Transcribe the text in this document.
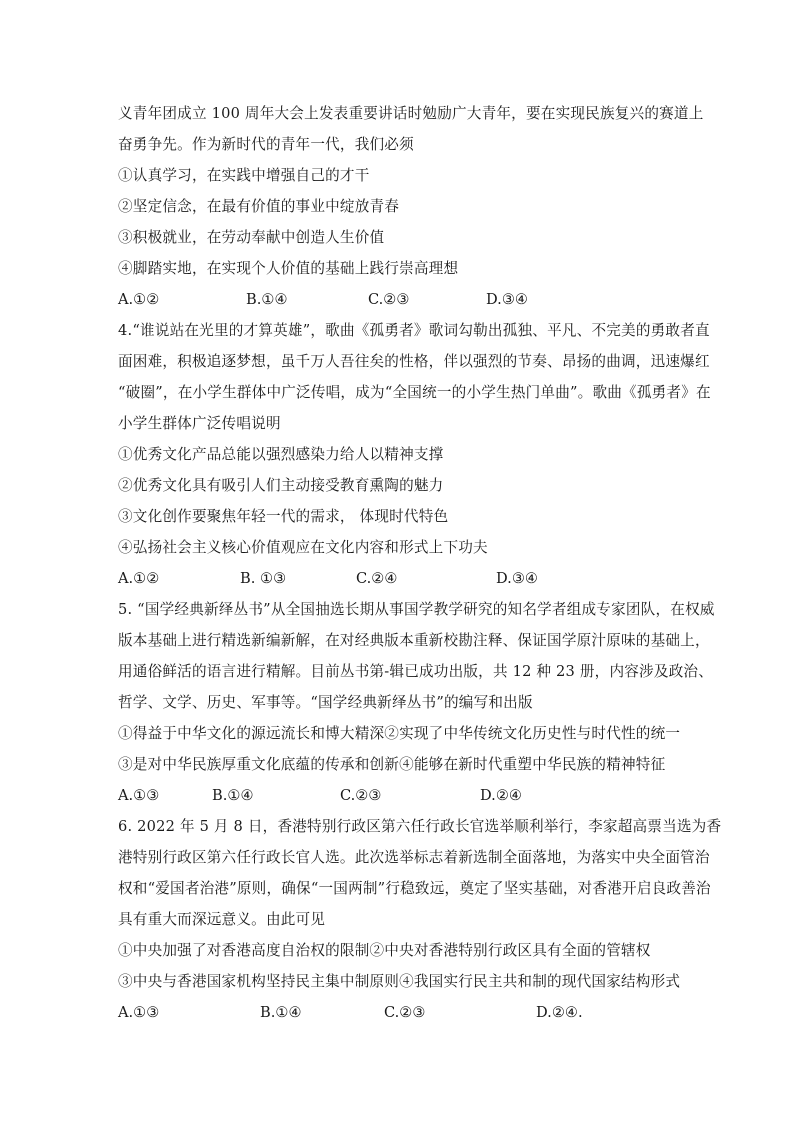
义青年团成立 100 周年大会上发表重要讲话时勉励广大青年，要在实现民族复兴的赛道上
奋勇争先。作为新时代的青年一代，我们必须
①认真学习，在实践中增强自己的才干
②坚定信念，在最有价值的事业中绽放青春
③积极就业，在劳动奉献中创造人生价值
④脚踏实地，在实现个人价值的基础上践行崇高理想
A.①②	B.①④	C.②③	D.③④
4.“谁说站在光里的才算英雄”，歌曲《孤勇者》歌词勾勒出孤独、平凡、不完美的勇敢者直
面困难，积极追逐梦想，虽千万人吾往矣的性格，伴以强烈的节奏、昂扬的曲调，迅速爆红
“破圈”，在小学生群体中广泛传唱，成为“全国统一的小学生热门单曲”。歌曲《孤勇者》在
小学生群体广泛传唱说明
①优秀文化产品总能以强烈感染力给人以精神支撑
②优秀文化具有吸引人们主动接受教育熏陶的魅力
③文化创作要聚焦年轻一代的需求， 体现时代特色
④弘扬社会主义核心价值观应在文化内容和形式上下功夫
A.①②	B. ①③	C.②④	D.③④
5. “国学经典新绎丛书”从全国抽选长期从事国学教学研究的知名学者组成专家团队，在权威
版本基础上进行精选新编新解，在对经典版本重新校勘注释、保证国学原汁原味的基础上，
用通俗鲜活的语言进行精解。目前丛书第-辑已成功出版，共 12 种 23 册，内容涉及政治、
哲学、文学、历史、军事等。“国学经典新绎丛书”的编写和出版
①得益于中华文化的源远流长和博大精深②实现了中华传统文化历史性与时代性的统一
③是对中华民族厚重文化底蕴的传承和创新④能够在新时代重塑中华民族的精神特征
A.①③	B.①④	C.②③	D.②④
6. 2022 年 5 月 8 日，香港特别行政区第六任行政长官选举顺利举行，李家超高票当选为香
港特别行政区第六任行政长官人选。此次选举标志着新选制全面落地，为落实中央全面管治
权和“爱国者治港”原则，确保“一国两制”行稳致远，奠定了坚实基础，对香港开启良政善治
具有重大而深远意义。由此可见
①中央加强了对香港高度自治权的限制②中央对香港特别行政区具有全面的管辖权
③中央与香港国家机构坚持民主集中制原则④我国实行民主共和制的现代国家结构形式
A.①③	B.①④	C.②③	D.②④.
